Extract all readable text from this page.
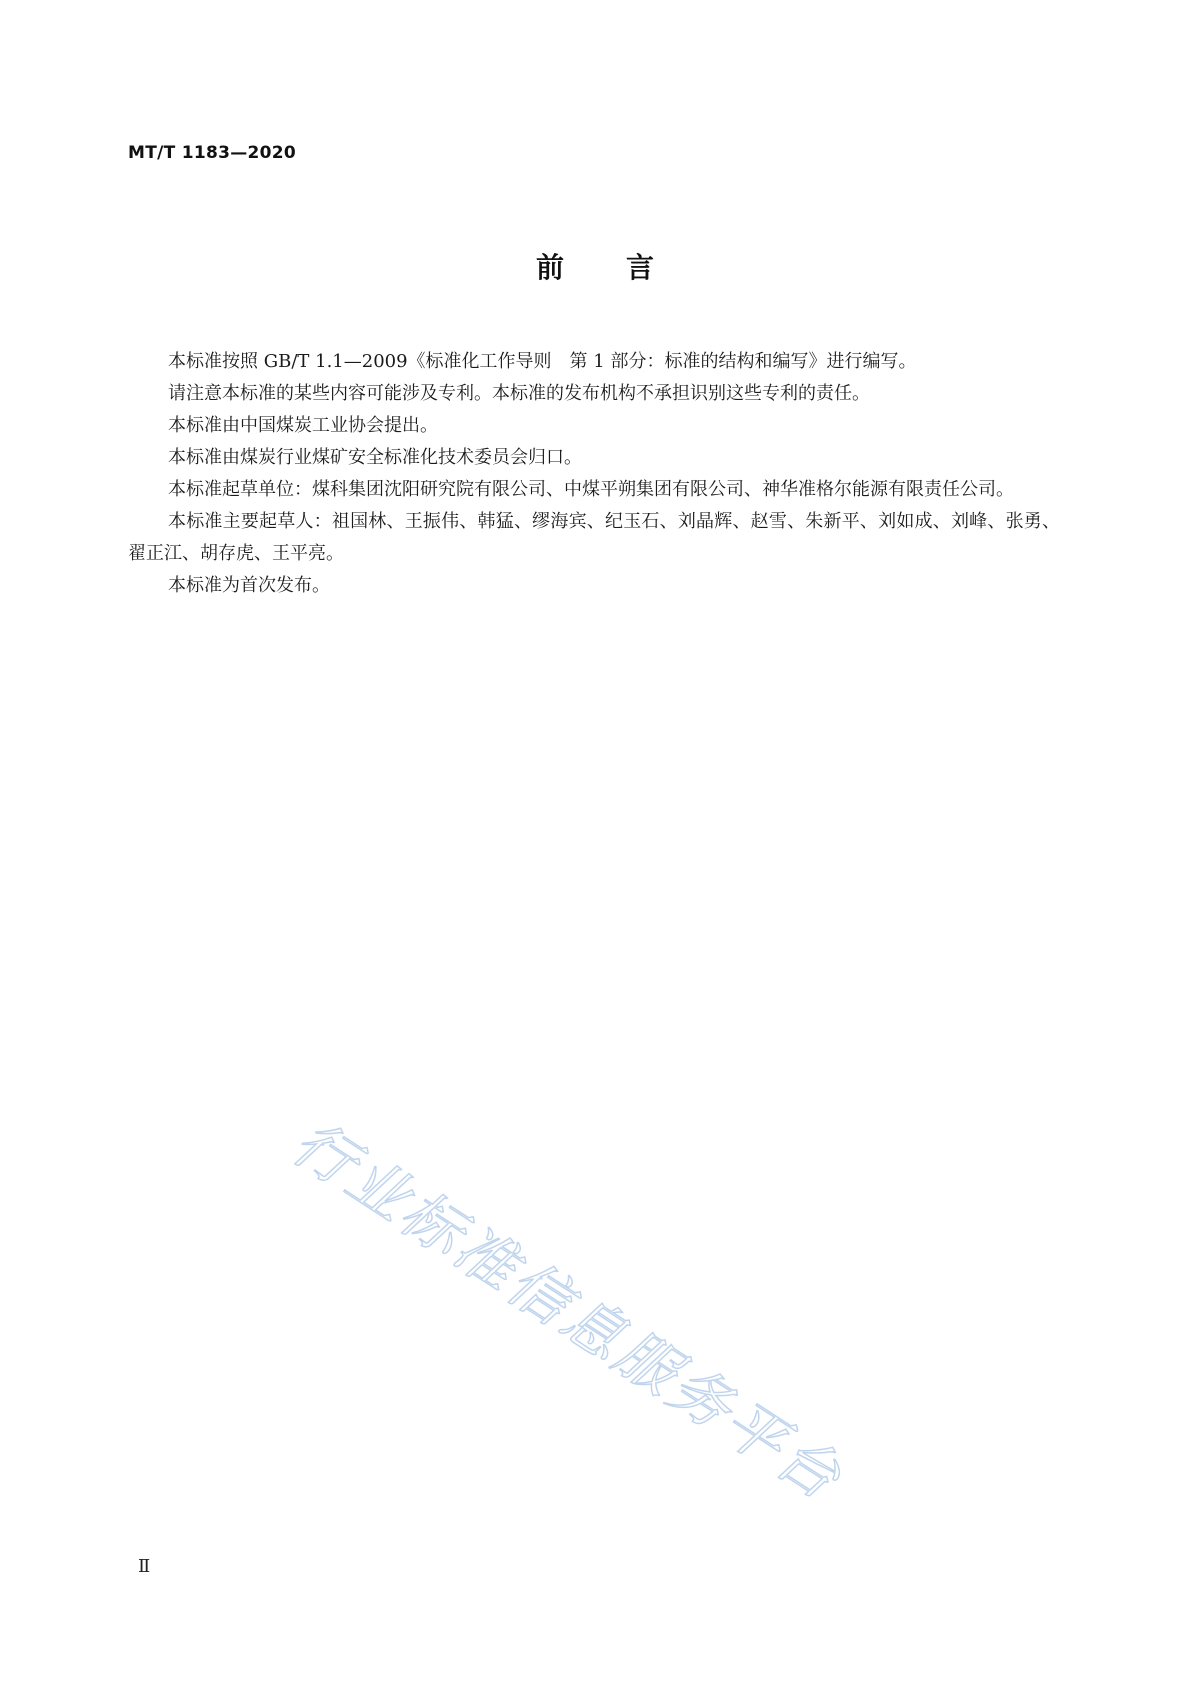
MT/T 1183—2020
前言

本标准按照 GB/T 1.1—2009《标准化工作导则　第 1 部分：标准的结构和编写》进行编写。

请注意本标准的某些内容可能涉及专利。本标准的发布机构不承担识别这些专利的责任。

本标准由中国煤炭工业协会提出。

本标准由煤炭行业煤矿安全标准化技术委员会归口。

本标准起草单位：煤科集团沈阳研究院有限公司、中煤平朔集团有限公司、神华准格尔能源有限责任公司。

本标准主要起草人：祖国林、王振伟、韩猛、缪海宾、纪玉石、刘晶辉、赵雪、朱新平、刘如成、刘峰、张勇、翟正江、胡存虎、王平亮。

本标准为首次发布。

行业标准信息服务平台
Ⅱ
